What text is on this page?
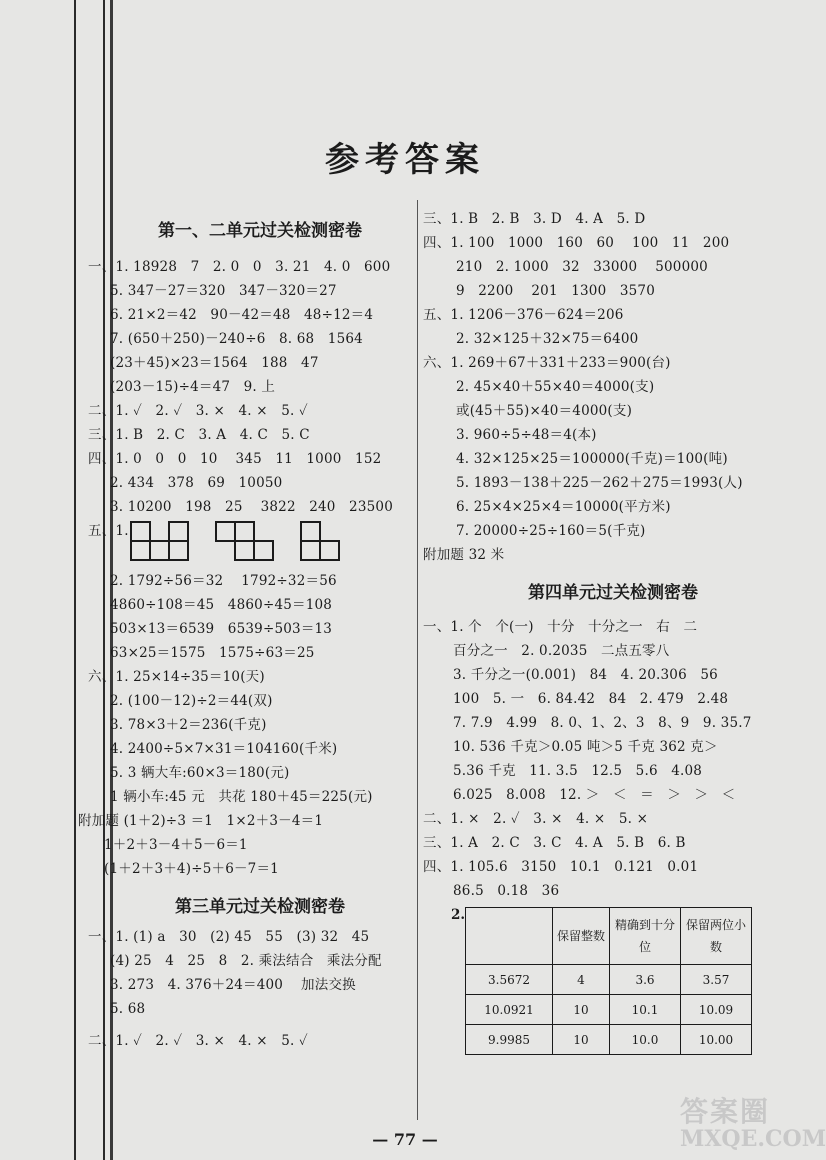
参考答案
第一、二单元过关检测密卷
一、1. 18928   7   2. 0   0   3. 21   4. 0   600
5. 347－27＝320   347－320＝27
6. 21×2＝42   90－42＝48   48÷12＝4
7. (650＋250)－240÷6   8. 68   1564
(23＋45)×23＝1564   188   47
(203－15)÷4＝47   9. 上
二、1. ✓   2. ✓   3. ×   4. ×   5. ✓
三、1. B   2. C   3. A   4. C   5. C
四、1. 0   0   0   10    345   11   1000   152
2. 434   378   69   10050
3. 10200   198   25    3822   240   23500
五、1.
2. 1792÷56＝32    1792÷32＝56
4860÷108＝45   4860÷45＝108
503×13＝6539   6539÷503＝13
63×25＝1575   1575÷63＝25
六、1. 25×14÷35＝10(天)
2. (100－12)÷2＝44(双)
3. 78×3＋2＝236(千克)
4. 2400÷5×7×31＝104160(千米)
5. 3 辆大车:60×3＝180(元)
1 辆小车:45 元   共花 180＋45＝225(元)
附加题 (1＋2)÷3 ＝1   1×2＋3－4＝1
1＋2＋3－4＋5－6＝1
(1＋2＋3＋4)÷5＋6－7＝1
第三单元过关检测密卷
一、1. (1) a   30   (2) 45   55   (3) 32   45
(4) 25   4   25   8   2. 乘法结合   乘法分配
3. 273   4. 376＋24＝400    加法交换
5. 68
二、1. ✓   2. ✓   3. ×   4. ×   5. ✓
三、1. B   2. B   3. D   4. A   5. D
四、1. 100   1000   160   60    100   11   200
210   2. 1000   32   33000    500000
9   2200    201   1300   3570
五、1. 1206－376－624＝206
2. 32×125＋32×75＝6400
六、1. 269＋67＋331＋233＝900(台)
2. 45×40＋55×40＝4000(支)
或(45＋55)×40＝4000(支)
3. 960÷5÷48＝4(本)
4. 32×125×25＝100000(千克)＝100(吨)
5. 1893－138＋225－262＋275＝1993(人)
6. 25×4×25×4＝10000(平方米)
7. 20000÷25÷160＝5(千克)
附加题 32 米
第四单元过关检测密卷
一、1. 个   个(一)   十分   十分之一   右   二
百分之一   2. 0.2035   二点五零八
3. 千分之一(0.001)   84   4. 20.306   56
100   5. 一   6. 84.42   84   2. 479   2.48
7. 7.9   4.99   8. 0、1、2、3   8、9   9. 35.7
10. 536 千克＞0.05 吨＞5 千克 362 克＞
5.36 千克   11. 3.5   12.5   5.6   4.08
6.025   8.008   12. ＞   ＜   ＝   ＞   ＞   ＜
二、1. ×   2. ✓   3. ×   4. ×   5. ×
三、1. A   2. C   3. C   4. A   5. B   6. B
四、1. 105.6   3150   10.1   0.121   0.01
86.5   0.18   36
2.
	保留整数	精确到十分位	保留两位小数
3.5672	4	3.6	3.57
10.0921	10	10.1	10.09
9.9985	10	10.0	10.00
— 77 —
答案圈
MXQE.COM
